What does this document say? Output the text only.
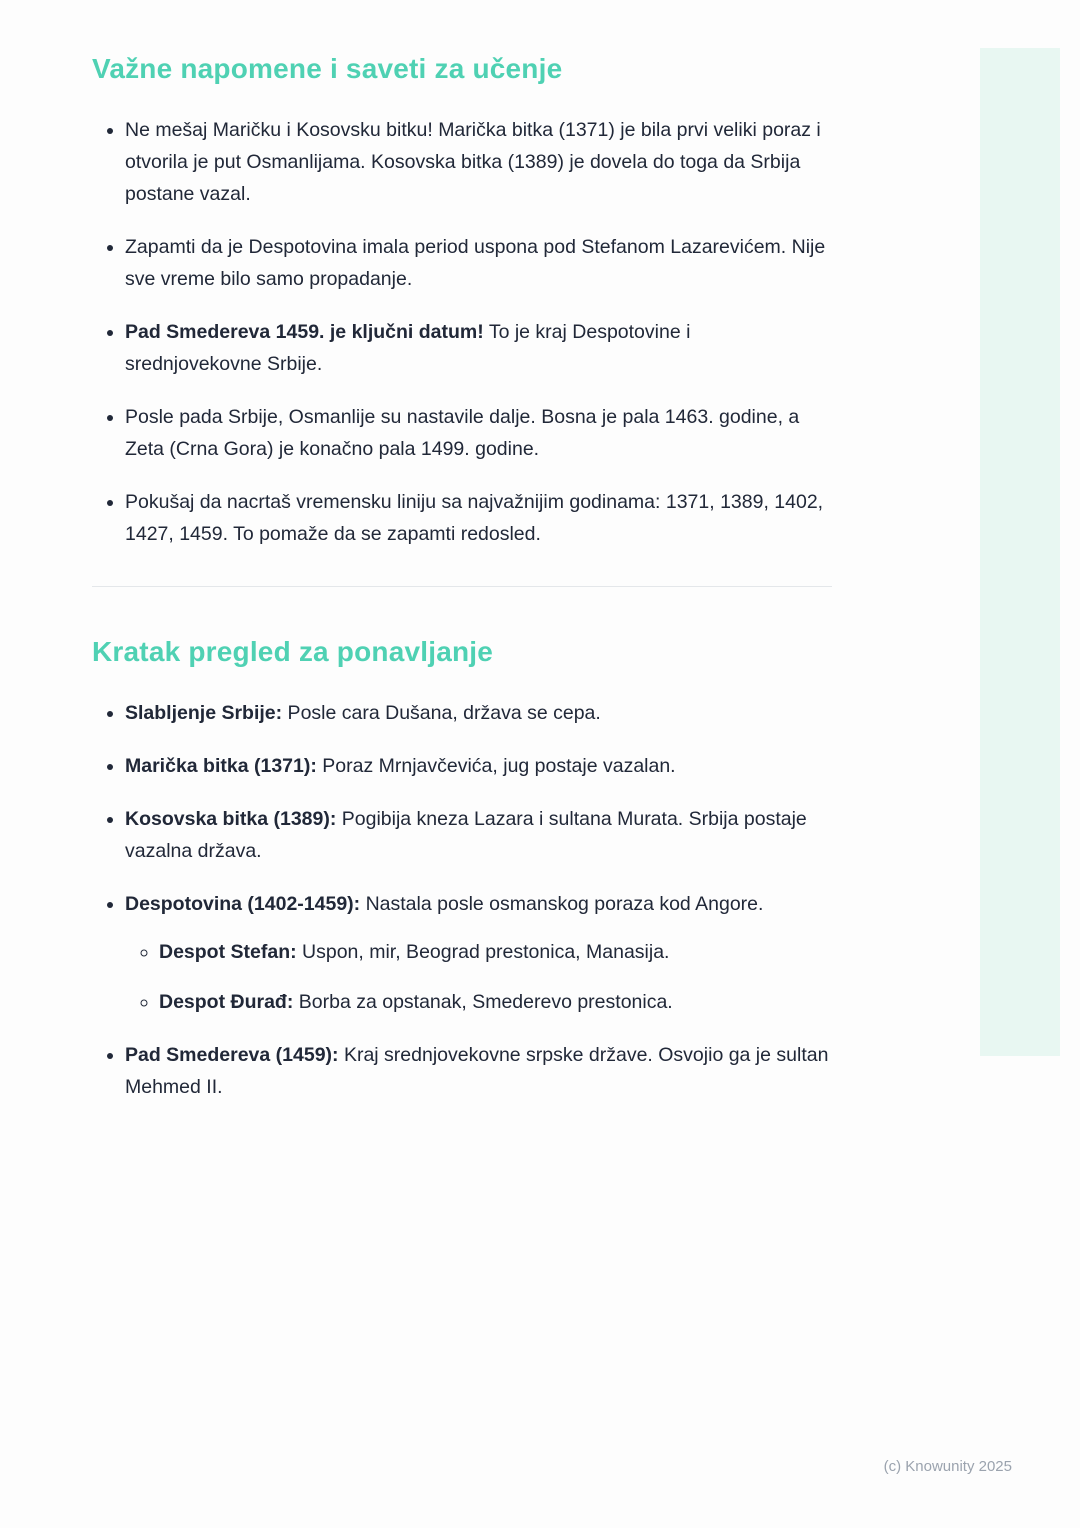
Važne napomene i saveti za učenje
• Ne mešaj Maričku i Kosovsku bitku! Marička bitka (1371) je bila prvi veliki poraz i otvorila je put Osmanlijama. Kosovska bitka (1389) je dovela do toga da Srbija postane vazal.
• Zapamti da je Despotovina imala period uspona pod Stefanom Lazarevićem. Nije sve vreme bilo samo propadanje.
• Pad Smedereva 1459. je ključni datum! To je kraj Despotovine i srednjovekovne Srbije.
• Posle pada Srbije, Osmanlije su nastavile dalje. Bosna je pala 1463. godine, a Zeta (Crna Gora) je konačno pala 1499. godine.
• Pokušaj da nacrtaš vremensku liniju sa najvažnijim godinama: 1371, 1389, 1402, 1427, 1459. To pomaže da se zapamti redosled.
Kratak pregled za ponavljanje
• Slabljenje Srbije: Posle cara Dušana, država se cepa.
• Marička bitka (1371): Poraz Mrnjavčevića, jug postaje vazalan.
• Kosovska bitka (1389): Pogibija kneza Lazara i sultana Murata. Srbija postaje vazalna država.
• Despotovina (1402-1459): Nastala posle osmanskog poraza kod Angore.
◦ Despot Stefan: Uspon, mir, Beograd prestonica, Manasija.
◦ Despot Đurađ: Borba za opstanak, Smederevo prestonica.
• Pad Smedereva (1459): Kraj srednjovekovne srpske države. Osvojio ga je sultan Mehmed II.
(c) Knowunity 2025
